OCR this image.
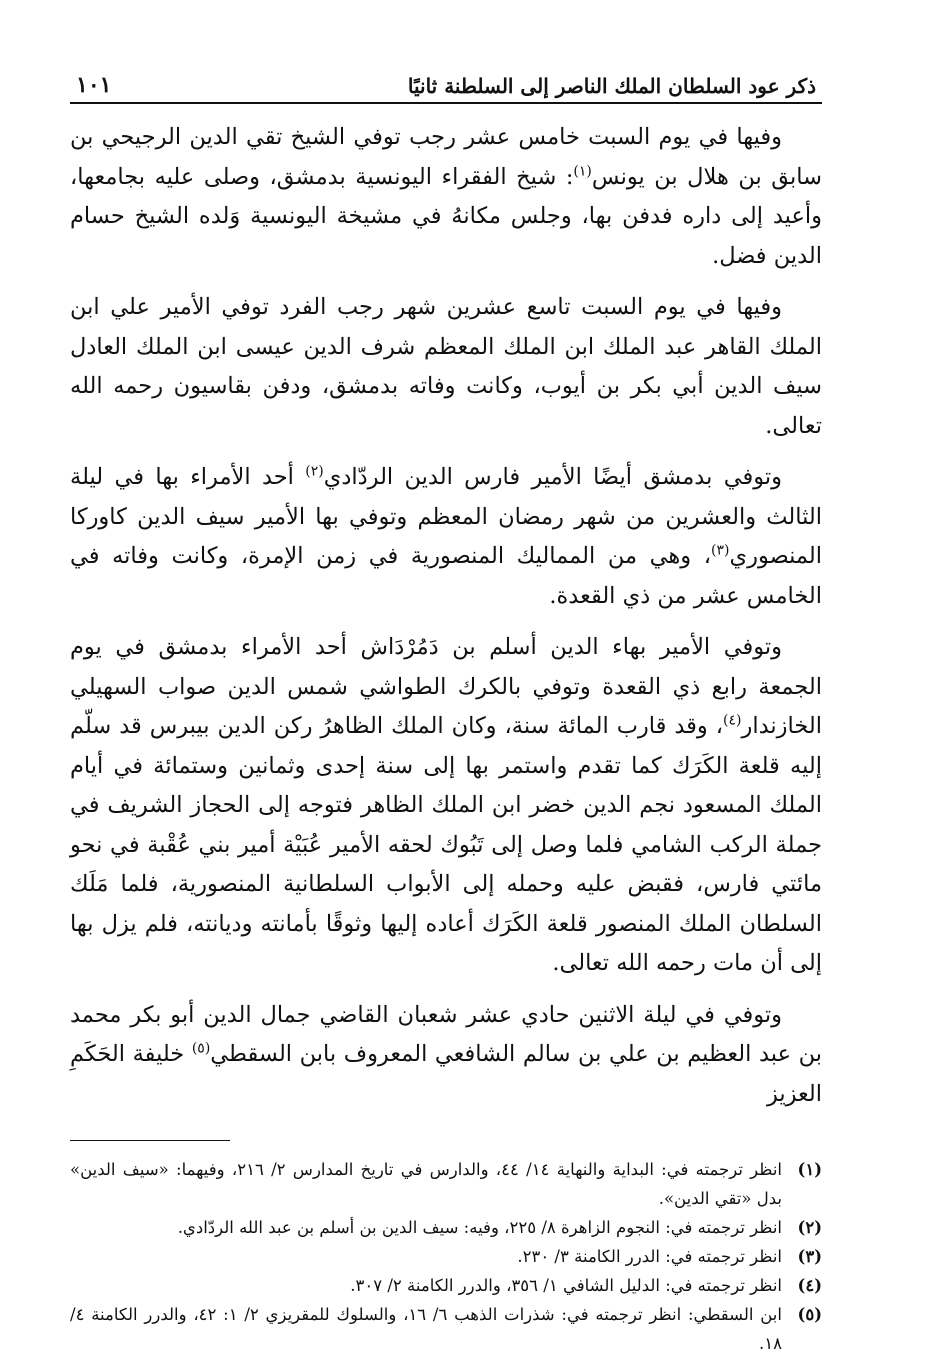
ذكر عود السلطان الملك الناصر إلى السلطنة ثانيًا
١٠١

وفيها في يوم السبت خامس عشر رجب توفي الشيخ تقي الدين الرجيحي بن سابق بن هلال بن يونس$^{(١)}$: شيخ الفقراء اليونسية بدمشق، وصلى عليه بجامعها، وأعيد إلى داره فدفن بها، وجلس مكانهُ في مشيخة اليونسية وَلده الشيخ حسام الدين فضل.

وفيها في يوم السبت تاسع عشرين شهر رجب الفرد توفي الأمير علي ابن الملك القاهر عبد الملك ابن الملك المعظم شرف الدين عيسى ابن الملك العادل سيف الدين أبي بكر بن أيوب، وكانت وفاته بدمشق، ودفن بقاسيون رحمه الله تعالى.

وتوفي بدمشق أيضًا الأمير فارس الدين الردّادي$^{(٢)}$ أحد الأمراء بها في ليلة الثالث والعشرين من شهر رمضان المعظم وتوفي بها الأمير سيف الدين كاوركا المنصوري$^{(٣)}$، وهي من المماليك المنصورية في زمن الإمرة، وكانت وفاته في الخامس عشر من ذي القعدة.

وتوفي الأمير بهاء الدين أسلم بن دَمُرْدَاش أحد الأمراء بدمشق في يوم الجمعة رابع ذي القعدة وتوفي بالكرك الطواشي شمس الدين صواب السهيلي الخازندار$^{(٤)}$، وقد قارب المائة سنة، وكان الملك الظاهرُ ركن الدين بيبرس قد سلّم إليه قلعة الكَرَك كما تقدم واستمر بها إلى سنة إحدى وثمانين وستمائة في أيام الملك المسعود نجم الدين خضر ابن الملك الظاهر فتوجه إلى الحجاز الشريف في جملة الركب الشامي فلما وصل إلى تَبُوك لحقه الأمير عُبَيْة أمير بني عُقْبة في نحو مائتي فارس، فقبض عليه وحمله إلى الأبواب السلطانية المنصورية، فلما مَلَك السلطان الملك المنصور قلعة الكَرَك أعاده إليها وثوقًا بأمانته وديانته، فلم يزل بها إلى أن مات رحمه الله تعالى.

وتوفي في ليلة الاثنين حادي عشر شعبان القاضي جمال الدين أبو بكر محمد بن عبد العظيم بن علي بن سالم الشافعي المعروف بابن السقطي$^{(٥)}$ خليفة الحَكَمِ العزيز

(١)
انظر ترجمته في: البداية والنهاية ١٤/ ٤٤، والدارس في تاريخ المدارس ٢/ ٢١٦، وفيهما: «سيف الدين» بدل «تقي الدين».
(٢)
انظر ترجمته في: النجوم الزاهرة ٨/ ٢٢٥، وفيه: سيف الدين بن أسلم بن عبد الله الردّادي.
(٣)
انظر ترجمته في: الدرر الكامنة ٣/ ٢٣٠.
(٤)
انظر ترجمته في: الدليل الشافي ١/ ٣٥٦، والدرر الكامنة ٢/ ٣٠٧.
(٥)
ابن السقطي: انظر ترجمته في: شذرات الذهب ٦/ ١٦، والسلوك للمقريزي ٢/ ١: ٤٢، والدرر الكامنة ٤/ ١٨.
